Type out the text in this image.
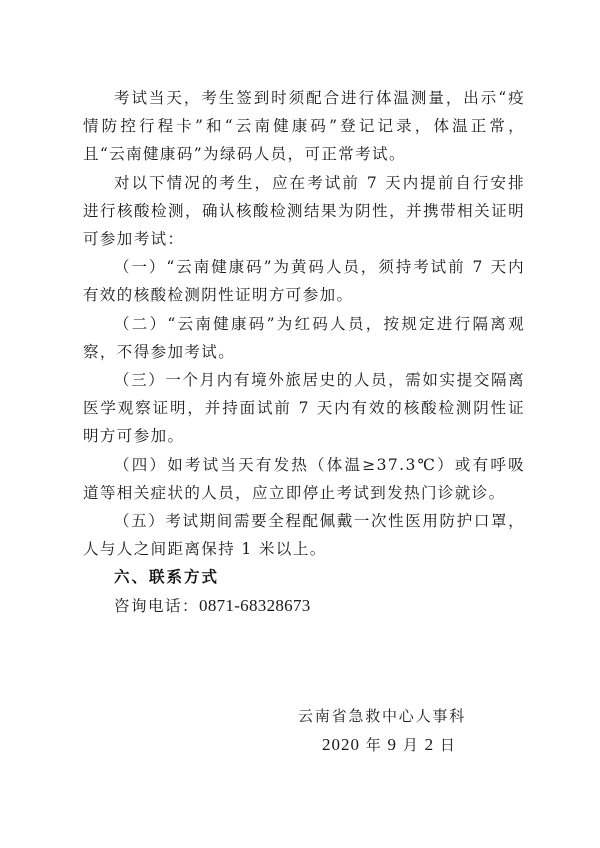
考试当天，考生签到时须配合进行体温测量，出示“疫情防控行程卡”和“云南健康码”登记记录，体温正常，且“云南健康码”为绿码人员，可正常考试。

对以下情况的考生，应在考试前 7 天内提前自行安排进行核酸检测，确认核酸检测结果为阴性，并携带相关证明可参加考试：

（一）“云南健康码”为黄码人员，须持考试前 7 天内有效的核酸检测阴性证明方可参加。

（二）“云南健康码”为红码人员，按规定进行隔离观察，不得参加考试。

（三）一个月内有境外旅居史的人员，需如实提交隔离医学观察证明，并持面试前 7 天内有效的核酸检测阴性证明方可参加。

（四）如考试当天有发热（体温≥37.3℃）或有呼吸道等相关症状的人员，应立即停止考试到发热门诊就诊。

（五）考试期间需要全程配佩戴一次性医用防护口罩，人与人之间距离保持 1 米以上。

六、联系方式

咨询电话：0871-68328673

云南省急救中心人事科
2020 年 9 月 2 日
